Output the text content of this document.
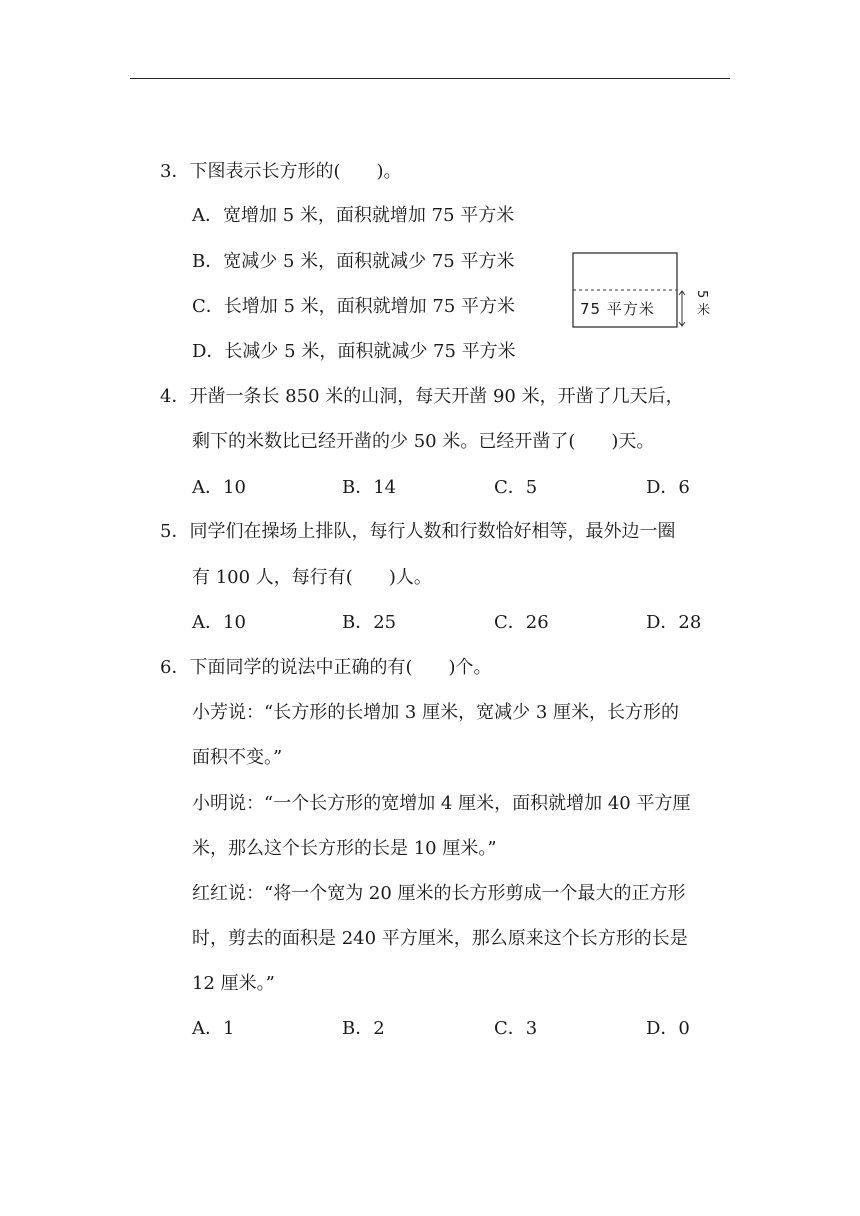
3．下图表示长方形的(　　)。
A．宽增加 5 米，面积就增加 75 平方米
B．宽减少 5 米，面积就减少 75 平方米
C．长增加 5 米，面积就增加 75 平方米
D．长减少 5 米，面积就减少 75 平方米
75 平方米	5 米
4．开凿一条长 850 米的山洞，每天开凿 90 米，开凿了几天后，
剩下的米数比已经开凿的少 50 米。已经开凿了(　　)天。
A．10	B．14	C．5	D．6
5．同学们在操场上排队，每行人数和行数恰好相等，最外边一圈
有 100 人，每行有(　　)人。
A．10	B．25	C．26	D．28
6．下面同学的说法中正确的有(　　)个。
小芳说：“长方形的长增加 3 厘米，宽减少 3 厘米，长方形的
面积不变。”
小明说：“一个长方形的宽增加 4 厘米，面积就增加 40 平方厘
米，那么这个长方形的长是 10 厘米。”
红红说：“将一个宽为 20 厘米的长方形剪成一个最大的正方形
时，剪去的面积是 240 平方厘米，那么原来这个长方形的长是
12 厘米。”
A．1	B．2	C．3	D．0
